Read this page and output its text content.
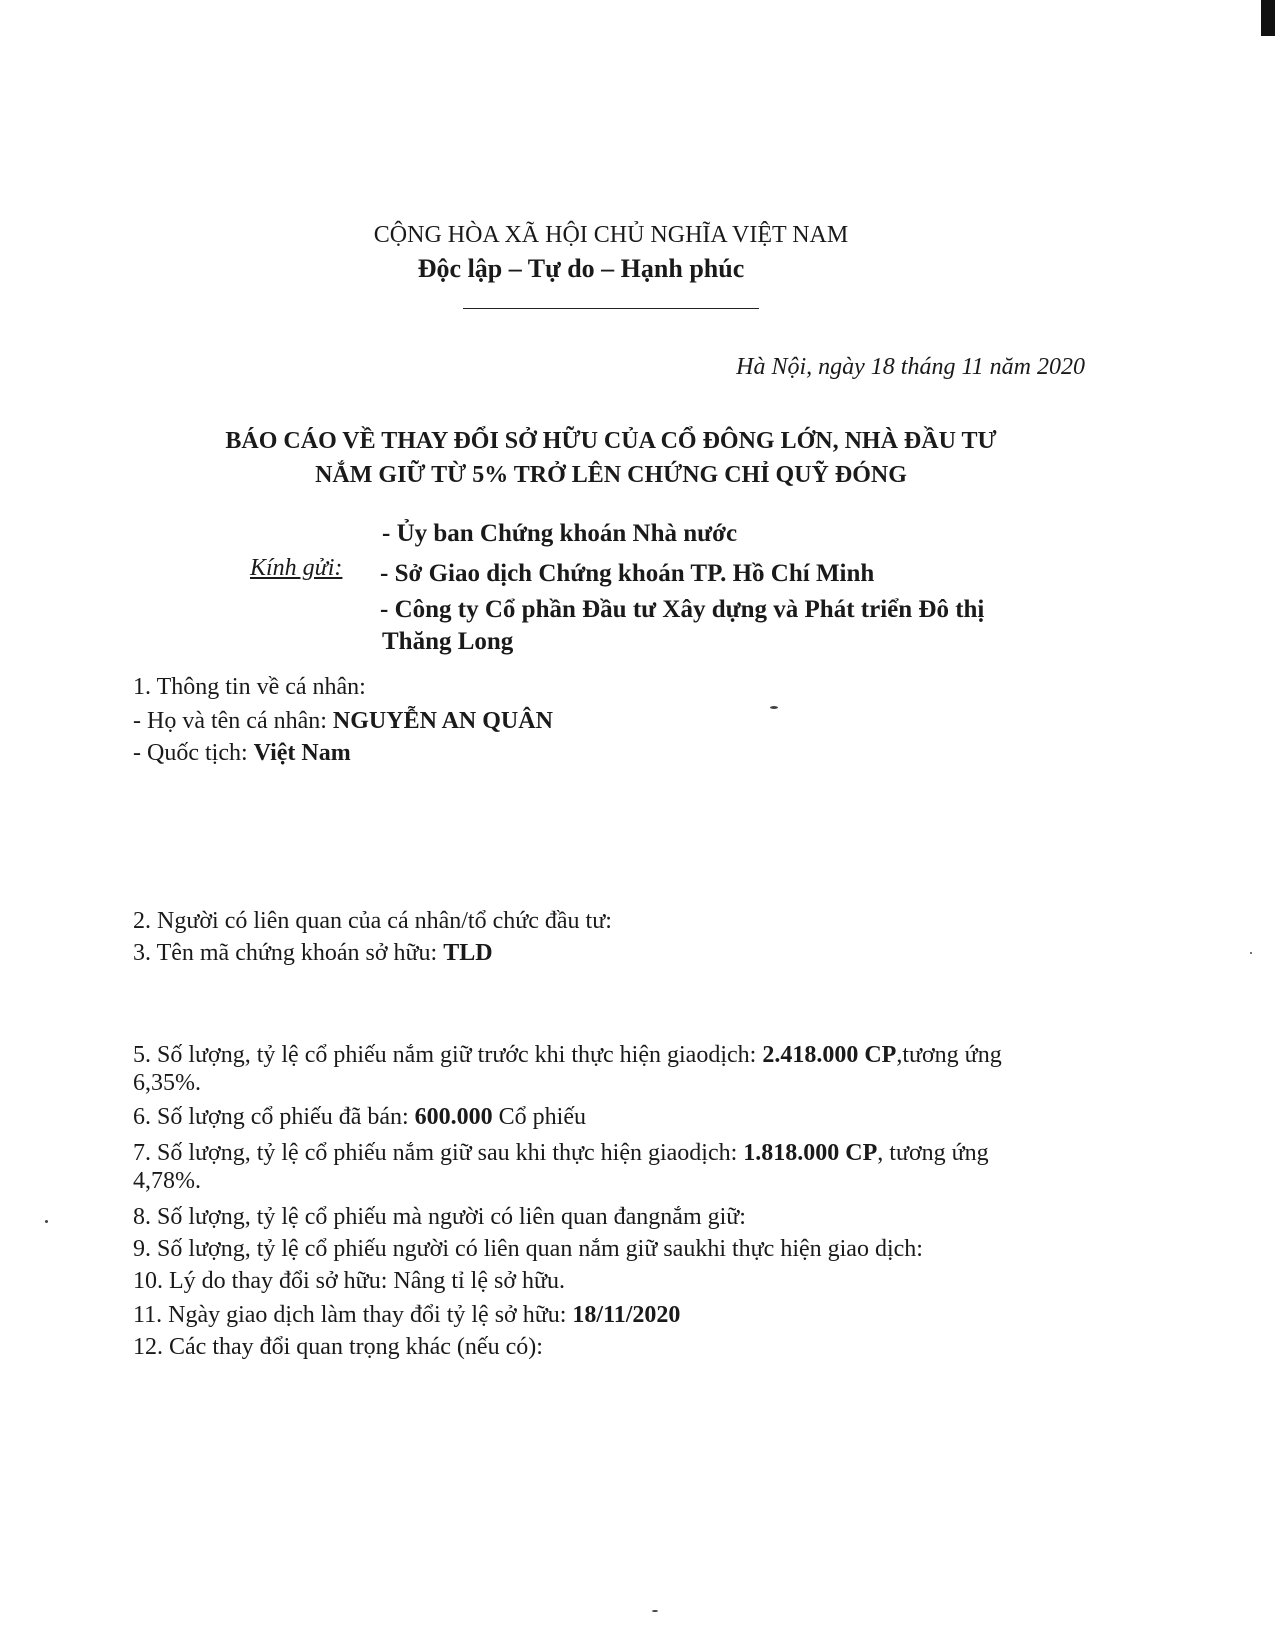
CỘNG HÒA XÃ HỘI CHỦ NGHĨA VIỆT NAM
Độc lập – Tự do – Hạnh phúc
Hà Nội, ngày 18 tháng 11 năm 2020
BÁO CÁO VỀ THAY ĐỔI SỞ HỮU CỦA CỔ ĐÔNG LỚN, NHÀ ĐẦU TƯ
NẮM GIỮ TỪ 5% TRỞ LÊN CHỨNG CHỈ QUỸ ĐÓNG
Kính gửi:
- Ủy ban Chứng khoán Nhà nước
- Sở Giao dịch Chứng khoán TP. Hồ Chí Minh
- Công ty Cổ phần Đầu tư Xây dựng và Phát triển Đô thị
Thăng Long
1. Thông tin về cá nhân:
- Họ và tên cá nhân: NGUYỄN AN QUÂN
- Quốc tịch: Việt Nam
2. Người có liên quan của cá nhân/tổ chức đầu tư:
3. Tên mã chứng khoán sở hữu: TLD
5. Số lượng, tỷ lệ cổ phiếu nắm giữ trước khi thực hiện giaodịch: 2.418.000 CP,tương ứng
6,35%.
6. Số lượng cổ phiếu đã bán: 600.000 Cổ phiếu
7. Số lượng, tỷ lệ cổ phiếu nắm giữ sau khi thực hiện giaodịch: 1.818.000 CP, tương ứng
4,78%.
8. Số lượng, tỷ lệ cổ phiếu mà người có liên quan đangnắm giữ:
9. Số lượng, tỷ lệ cổ phiếu người có liên quan nắm giữ saukhi thực hiện giao dịch:
10. Lý do thay đổi sở hữu: Nâng tỉ lệ sở hữu.
11. Ngày giao dịch làm thay đổi tỷ lệ sở hữu: 18/11/2020
12. Các thay đổi quan trọng khác (nếu có):
